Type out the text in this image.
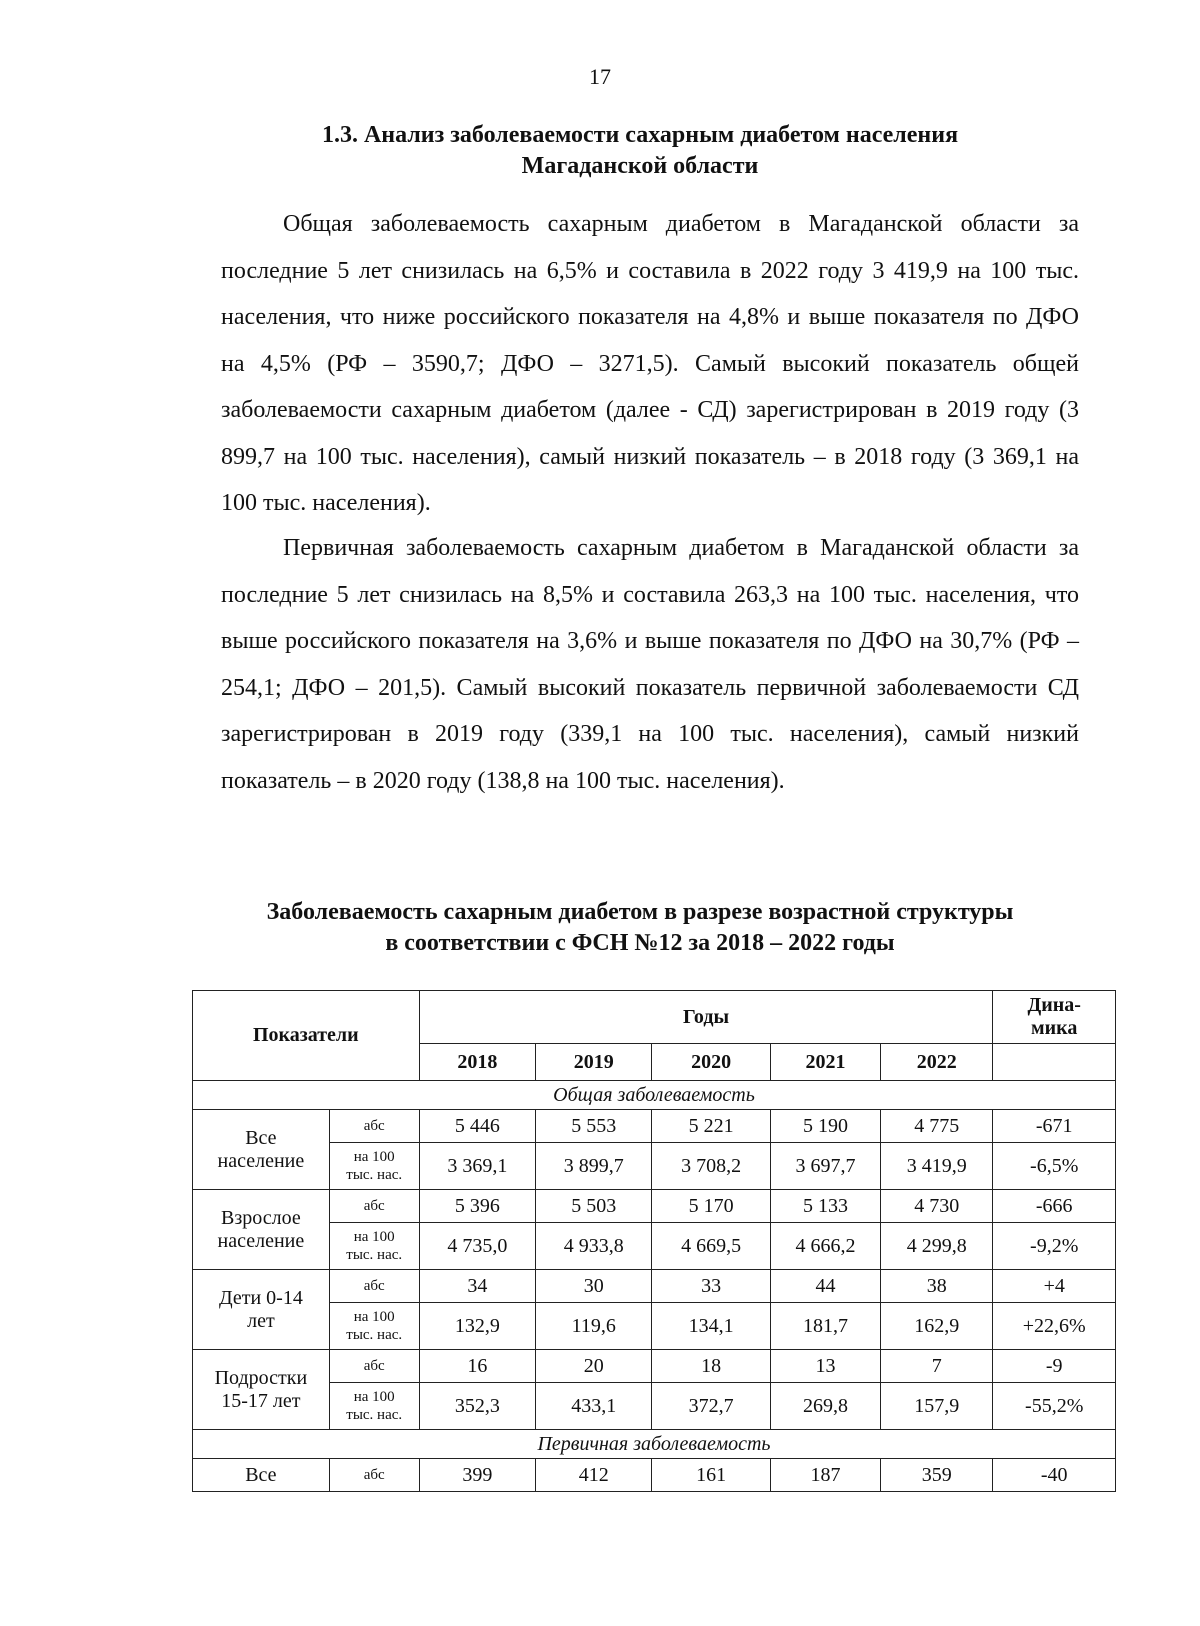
17
1.3. Анализ заболеваемости сахарным диабетом населения
Магаданской области

Общая заболеваемость сахарным диабетом в Магаданской области за последние 5 лет снизилась на 6,5% и составила в 2022 году 3 419,9 на 100 тыс. населения, что ниже российского показателя на 4,8% и выше показателя по ДФО на 4,5% (РФ – 3590,7; ДФО – 3271,5). Самый высокий показатель общей заболеваемости сахарным диабетом (далее - СД) зарегистрирован в 2019 году (3 899,7 на 100 тыс. населения), самый низкий показатель – в 2018 году (3 369,1 на 100 тыс. населения).

Первичная заболеваемость сахарным диабетом в Магаданской области за последние 5 лет снизилась на 8,5% и составила 263,3 на 100 тыс. населения, что выше российского показателя на 3,6% и выше показателя по ДФО на 30,7% (РФ – 254,1; ДФО – 201,5). Самый высокий показатель первичной заболеваемости СД зарегистрирован в 2019 году (339,1 на 100 тыс. населения), самый низкий показатель – в 2020 году (138,8 на 100 тыс. населения).

Заболеваемость сахарным диабетом в разрезе возрастной структуры
в соответствии с ФСН №12 за 2018 – 2022 годы
Показатели		Годы					Дина-
мика

		2018	2019	2020	2021	2022	
Общая заболеваемость							

Все
население	абс	5 446	5 553	5 221	5 190	4 775	-671

	на 100
тыс. нас.	3 369,1	3 899,7	3 708,2	3 697,7	3 419,9	-6,5%

Взрослое
население	абс	5 396	5 503	5 170	5 133	4 730	-666

	на 100
тыс. нас.	4 735,0	4 933,8	4 669,5	4 666,2	4 299,8	-9,2%

Дети 0-14
лет	абс	34	30	33	44	38	+4

	на 100
тыс. нас.	132,9	119,6	134,1	181,7	162,9	+22,6%

Подростки
15-17 лет	абс	16	20	18	13	7	-9

	на 100
тыс. нас.	352,3	433,1	372,7	269,8	157,9	-55,2%
Первичная заболеваемость							
Все	абс	399	412	161	187	359	-40
